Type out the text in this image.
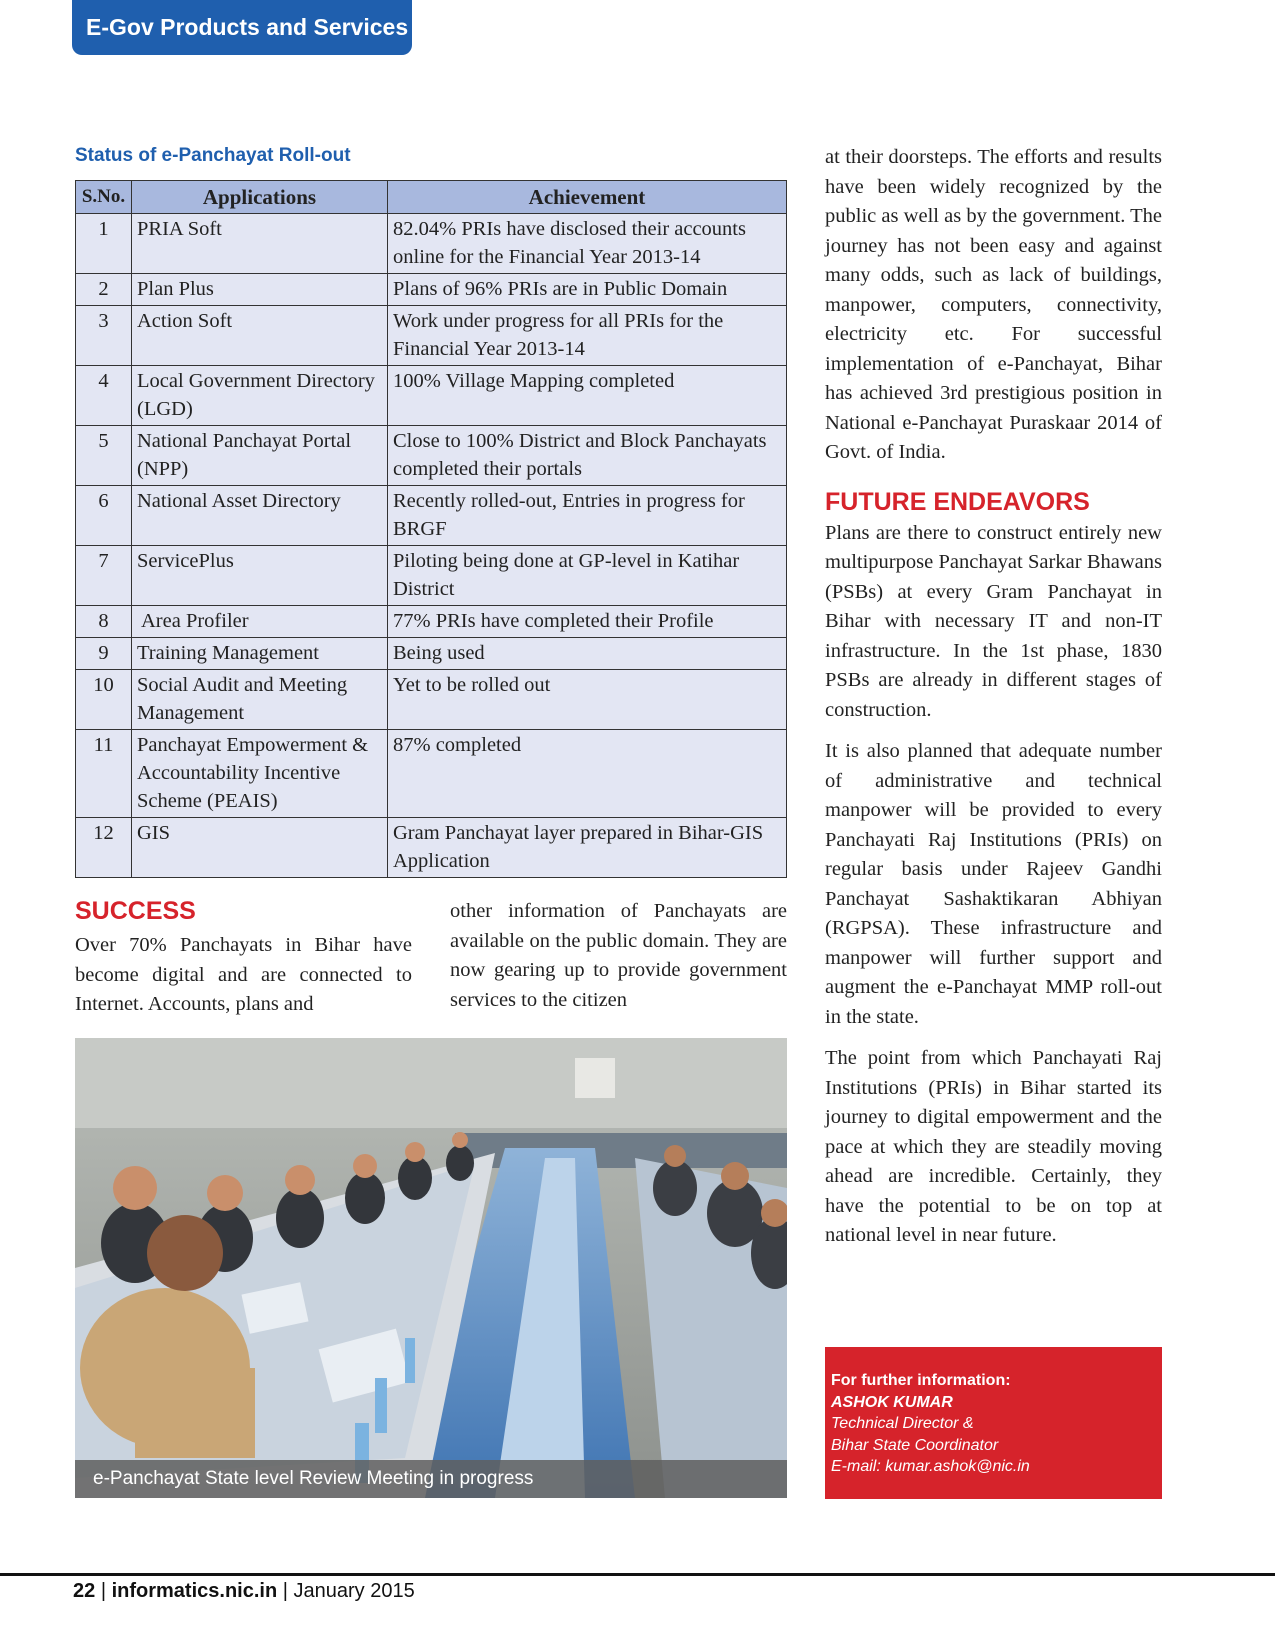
E-Gov Products and Services
Status of e-Panchayat Roll-out
S.No.	Applications	Achievement
1	PRIA Soft	82.04% PRIs have disclosed their accounts online for the Financial Year 2013-14
2	Plan Plus	Plans of 96% PRIs are in Public Domain
3	Action Soft	Work under progress for all PRIs for the Financial Year 2013-14
4	Local Government Directory (LGD)	100% Village Mapping completed
5	National Panchayat Portal (NPP)	Close to 100% District and Block Panchayats completed their portals
6	National Asset Directory	Recently rolled-out, Entries in progress for BRGF
7	ServicePlus	Piloting being done at GP-level in Katihar District
8	Area Profiler	77% PRIs have completed their Profile
9	Training Management	Being used
10	Social Audit and Meeting Management	Yet to be rolled out
11	Panchayat Empowerment & Accountability Incentive Scheme (PEAIS)	87% completed
12	GIS	Gram Panchayat layer prepared in Bihar-GIS Application
SUCCESS

Over 70% Panchayats in Bihar have become digital and are connected to Internet. Accounts, plans and

other information of Panchayats are available on the public domain. They are now gearing up to provide government services to the citizen

e-Panchayat State level Review Meeting in progress

at their doorsteps. The efforts and results have been widely recognized by the public as well as by the government. The journey has not been easy and against many odds, such as lack of buildings, manpower, computers, connectivity, electricity etc. For successful implementation of e-Panchayat, Bihar has achieved 3rd prestigious position in National e-Panchayat Puraskaar 2014 of Govt. of India.

FUTURE ENDEAVORS

Plans are there to construct entirely new multipurpose Panchayat Sarkar Bhawans (PSBs) at every Gram Panchayat in Bihar with necessary IT and non-IT infrastructure. In the 1st phase, 1830 PSBs are already in different stages of construction.

It is also planned that adequate number of administrative and technical manpower will be provided to every Panchayati Raj Institutions (PRIs) on regular basis under Rajeev Gandhi Panchayat Sashaktikaran Abhiyan (RGPSA). These infrastructure and manpower will further support and augment the e-Panchayat MMP roll-out in the state.

The point from which Panchayati Raj Institutions (PRIs) in Bihar started its journey to digital empowerment and the pace at which they are steadily moving ahead are incredible. Certainly, they have the potential to be on top at national level in near future.

For further information:
ASHOK KUMAR
Technical Director &
Bihar State Coordinator
E-mail: kumar.ashok@nic.in
22 | informatics.nic.in | January 2015
